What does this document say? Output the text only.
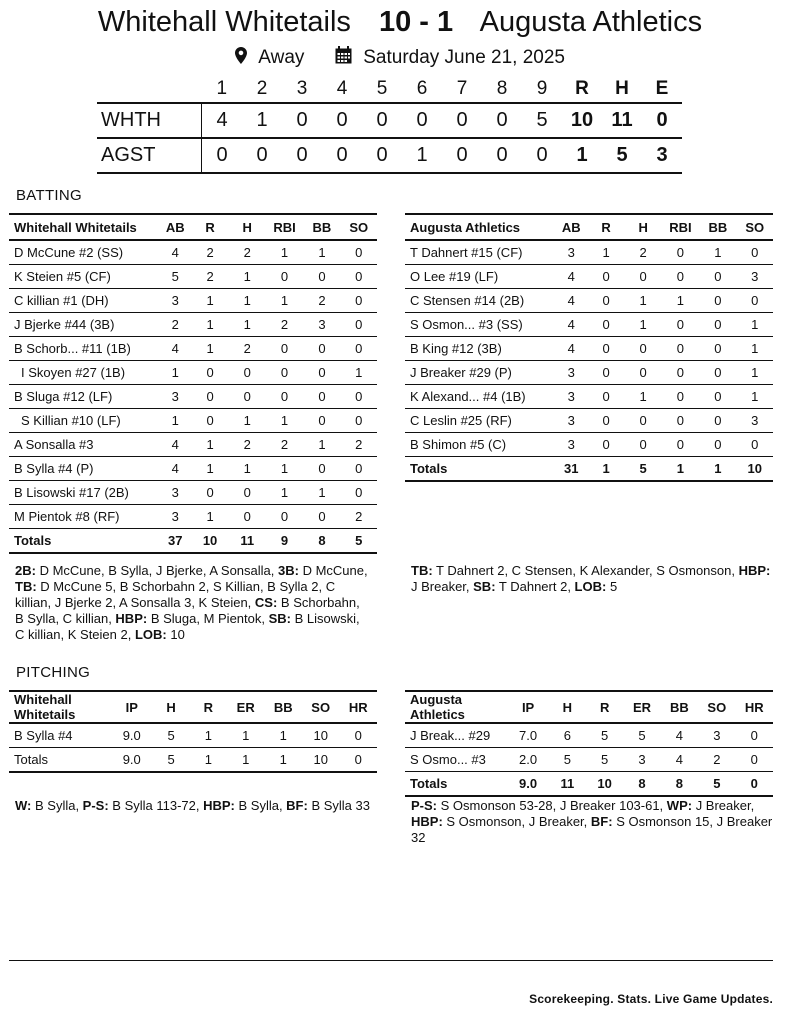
Whitehall Whitetails 10 - 1 Augusta Athletics
Away	Saturday June 21, 2025
	1	2	3	4	5	6	7	8	9	R	H	E
WHTH	4	1	0	0	0	0	0	0	5	10	11	0
AGST	0	0	0	0	0	1	0	0	0	1	5	3
BATTING
Whitehall Whitetails	AB	R	H	RBI	BB	SO
D McCune #2 (SS)	4	2	2	1	1	0
K Steien #5 (CF)	5	2	1	0	0	0
C killian #1 (DH)	3	1	1	1	2	0
J Bjerke #44 (3B)	2	1	1	2	3	0
B Schorb... #11 (1B)	4	1	2	0	0	0
I Skoyen #27 (1B)	1	0	0	0	0	1
B Sluga #12 (LF)	3	0	0	0	0	0
S Killian #10 (LF)	1	0	1	1	0	0
A Sonsalla #3	4	1	2	2	1	2
B Sylla #4 (P)	4	1	1	1	0	0
B Lisowski #17 (2B)	3	0	0	1	1	0
M Pientok #8 (RF)	3	1	0	0	0	2
Totals	37	10	11	9	8	5
Augusta Athletics	AB	R	H	RBI	BB	SO
T Dahnert #15 (CF)	3	1	2	0	1	0
O Lee #19 (LF)	4	0	0	0	0	3
C Stensen #14 (2B)	4	0	1	1	0	0
S Osmon... #3 (SS)	4	0	1	0	0	1
B King #12 (3B)	4	0	0	0	0	1
J Breaker #29 (P)	3	0	0	0	0	1
K Alexand... #4 (1B)	3	0	1	0	0	1
C Leslin #25 (RF)	3	0	0	0	0	3
B Shimon #5 (C)	3	0	0	0	0	0
Totals	31	1	5	1	1	10
2B: D McCune, B Sylla, J Bjerke, A Sonsalla, 3B: D McCune, TB: D McCune 5, B Schorbahn 2, S Killian, B Sylla 2, C killian, J Bjerke 2, A Sonsalla 3, K Steien, CS: B Schorbahn, B Sylla, C killian, HBP: B Sluga, M Pientok, SB: B Lisowski, C killian, K Steien 2, LOB: 10
TB: T Dahnert 2, C Stensen, K Alexander, S Osmonson, HBP: J Breaker, SB: T Dahnert 2, LOB: 5
PITCHING
Whitehall Whitetails	IP	H	R	ER	BB	SO	HR
B Sylla #4	9.0	5	1	1	1	10	0
Totals	9.0	5	1	1	1	10	0
Augusta Athletics	IP	H	R	ER	BB	SO	HR
J Break... #29	7.0	6	5	5	4	3	0
S Osmo... #3	2.0	5	5	3	4	2	0
Totals	9.0	11	10	8	8	5	0
W: B Sylla, P-S: B Sylla 113-72, HBP: B Sylla, BF: B Sylla 33	P-S: S Osmonson 53-28, J Breaker 103-61, WP: J Breaker, HBP: S Osmonson, J Breaker, BF: S Osmonson 15, J Breaker 32
Scorekeeping. Stats. Live Game Updates.
